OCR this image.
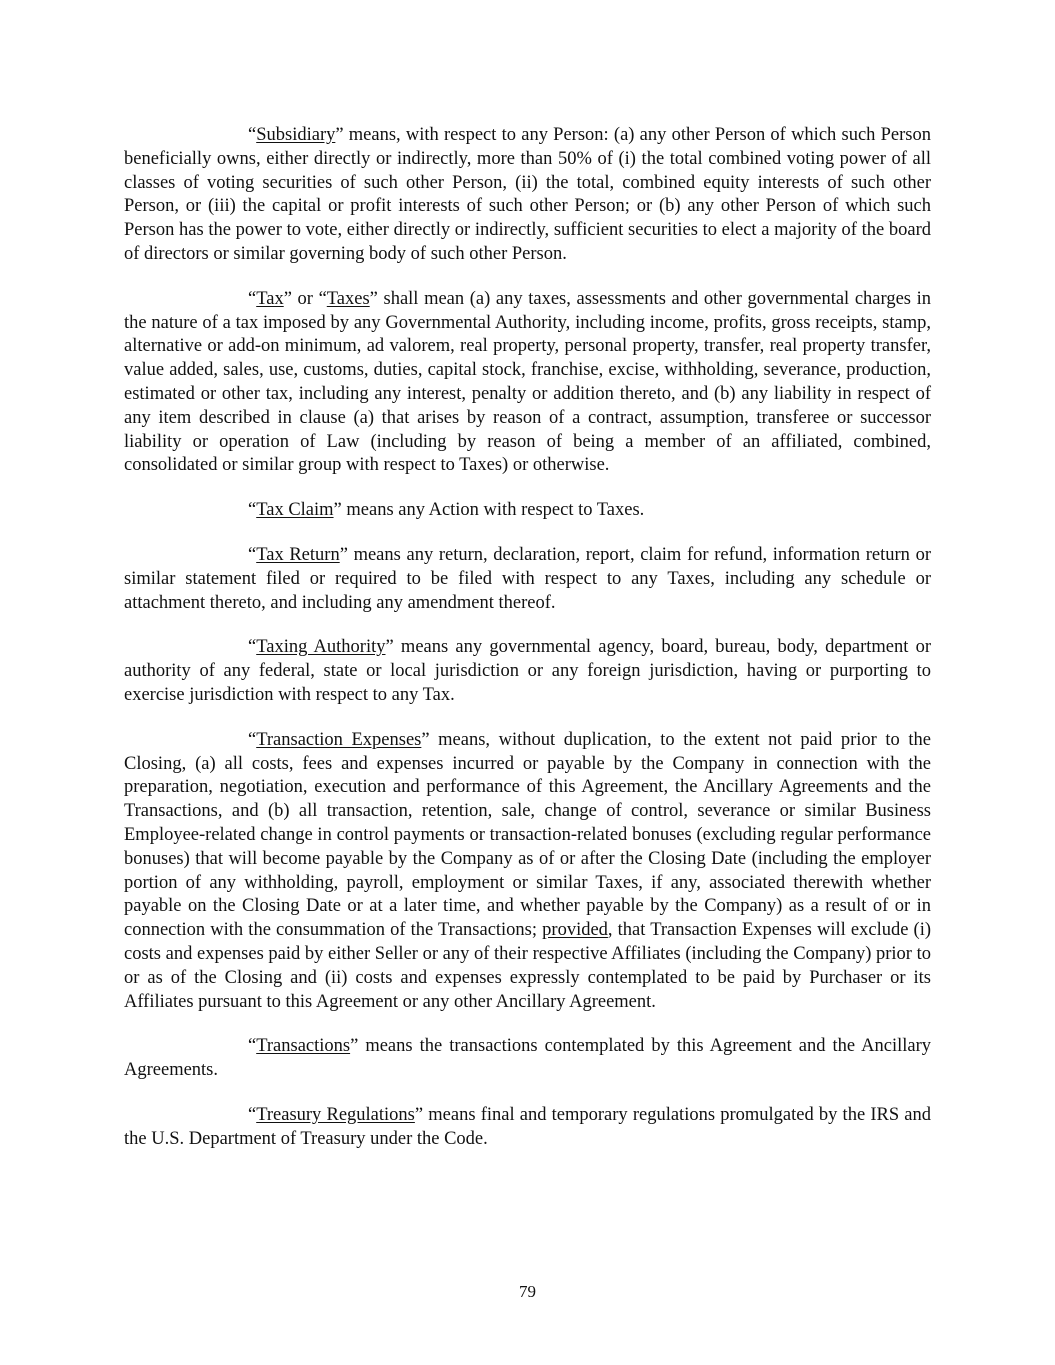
“Subsidiary” means, with respect to any Person: (a) any other Person of which such Person beneficially owns, either directly or indirectly, more than 50% of (i) the total combined voting power of all classes of voting securities of such other Person, (ii) the total, combined equity interests of such other Person, or (iii) the capital or profit interests of such other Person; or (b) any other Person of which such Person has the power to vote, either directly or indirectly, sufficient securities to elect a majority of the board of directors or similar governing body of such other Person.

“Tax” or “Taxes” shall mean (a) any taxes, assessments and other governmental charges in the nature of a tax imposed by any Governmental Authority, including income, profits, gross receipts, stamp, alternative or add-on minimum, ad valorem, real property, personal property, transfer, real property transfer, value added, sales, use, customs, duties, capital stock, franchise, excise, withholding, severance, production, estimated or other tax, including any interest, penalty or addition thereto, and (b) any liability in respect of any item described in clause (a) that arises by reason of a contract, assumption, transferee or successor liability or operation of Law (including by reason of being a member of an affiliated, combined, consolidated or similar group with respect to Taxes) or otherwise.

“Tax Claim” means any Action with respect to Taxes.

“Tax Return” means any return, declaration, report, claim for refund, information return or similar statement filed or required to be filed with respect to any Taxes, including any schedule or attachment thereto, and including any amendment thereof.

“Taxing Authority” means any governmental agency, board, bureau, body, department or authority of any federal, state or local jurisdiction or any foreign jurisdiction, having or purporting to exercise jurisdiction with respect to any Tax.

“Transaction Expenses” means, without duplication, to the extent not paid prior to the Closing, (a) all costs, fees and expenses incurred or payable by the Company in connection with the preparation, negotiation, execution and performance of this Agreement, the Ancillary Agreements and the Transactions, and (b) all transaction, retention, sale, change of control, severance or similar Business Employee-related change in control payments or transaction-related bonuses (excluding regular performance bonuses) that will become payable by the Company as of or after the Closing Date (including the employer portion of any withholding, payroll, employment or similar Taxes, if any, associated therewith whether payable on the Closing Date or at a later time, and whether payable by the Company) as a result of or in connection with the consummation of the Transactions; provided, that Transaction Expenses will exclude (i) costs and expenses paid by either Seller or any of their respective Affiliates (including the Company) prior to or as of the Closing and (ii) costs and expenses expressly contemplated to be paid by Purchaser or its Affiliates pursuant to this Agreement or any other Ancillary Agreement.

“Transactions” means the transactions contemplated by this Agreement and the Ancillary Agreements.

“Treasury Regulations” means final and temporary regulations promulgated by the IRS and the U.S. Department of Treasury under the Code.

79
